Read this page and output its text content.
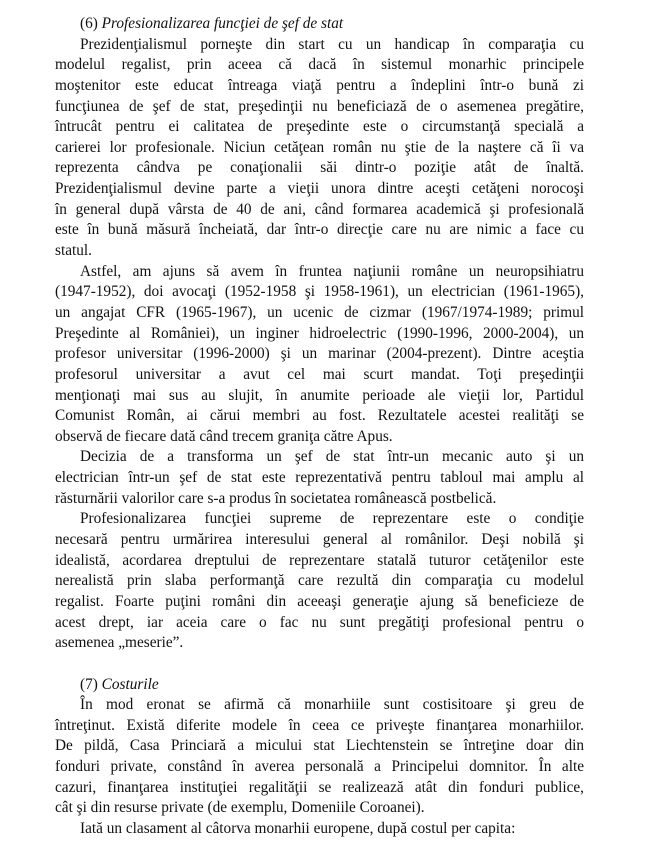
(6) Profesionalizarea funcţiei de şef de stat
Prezidenţialismul porneşte din start cu un handicap în comparaţia cu
modelul regalist, prin aceea că dacă în sistemul monarhic principele
moştenitor este educat întreaga viaţă pentru a îndeplini într-o bună zi
funcţiunea de şef de stat, preşedinţii nu beneficiază de o asemenea pregătire,
întrucât pentru ei calitatea de preşedinte este o circumstanţă specială a
carierei lor profesionale. Niciun cetăţean român nu ştie de la naştere că îi va
reprezenta cândva pe conaţionalii săi dintr-o poziţie atât de înaltă.
Prezidenţialismul devine parte a vieţii unora dintre aceşti cetăţeni norocoşi
în general după vârsta de 40 de ani, când formarea academică şi profesională
este în bună măsură încheiată, dar într-o direcţie care nu are nimic a face cu
statul.
Astfel, am ajuns să avem în fruntea naţiunii române un neuropsihiatru
(1947-1952), doi avocaţi (1952-1958 şi 1958-1961), un electrician (1961-1965),
un angajat CFR (1965-1967), un ucenic de cizmar (1967/1974-1989; primul
Preşedinte al României), un inginer hidroelectric (1990-1996, 2000-2004), un
profesor universitar (1996-2000) şi un marinar (2004-prezent). Dintre aceştia
profesorul universitar a avut cel mai scurt mandat. Toţi preşedinţii
menţionaţi mai sus au slujit, în anumite perioade ale vieţii lor, Partidul
Comunist Român, ai cărui membri au fost. Rezultatele acestei realităţi se
observă de fiecare dată când trecem graniţa către Apus.
Decizia de a transforma un şef de stat într-un mecanic auto şi un
electrician într-un şef de stat este reprezentativă pentru tabloul mai amplu al
răsturnării valorilor care s-a produs în societatea românească postbelică.
Profesionalizarea funcţiei supreme de reprezentare este o condiţie
necesară pentru urmărirea interesului general al românilor. Deşi nobilă şi
idealistă, acordarea dreptului de reprezentare statală tuturor cetăţenilor este
nerealistă prin slaba performanţă care rezultă din comparaţia cu modelul
regalist. Foarte puţini români din aceeaşi generaţie ajung să beneficieze de
acest drept, iar aceia care o fac nu sunt pregătiţi profesional pentru o
asemenea „meserie”.
(7) Costurile
În mod eronat se afirmă că monarhiile sunt costisitoare şi greu de
întreţinut. Există diferite modele în ceea ce priveşte finanţarea monarhiilor.
De pildă, Casa Princiară a micului stat Liechtenstein se întreţine doar din
fonduri private, constând în averea personală a Principelui domnitor. În alte
cazuri, finanţarea instituţiei regalităţii se realizează atât din fonduri publice,
cât şi din resurse private (de exemplu, Domeniile Coroanei).
Iată un clasament al câtorva monarhii europene, după costul per capita:
